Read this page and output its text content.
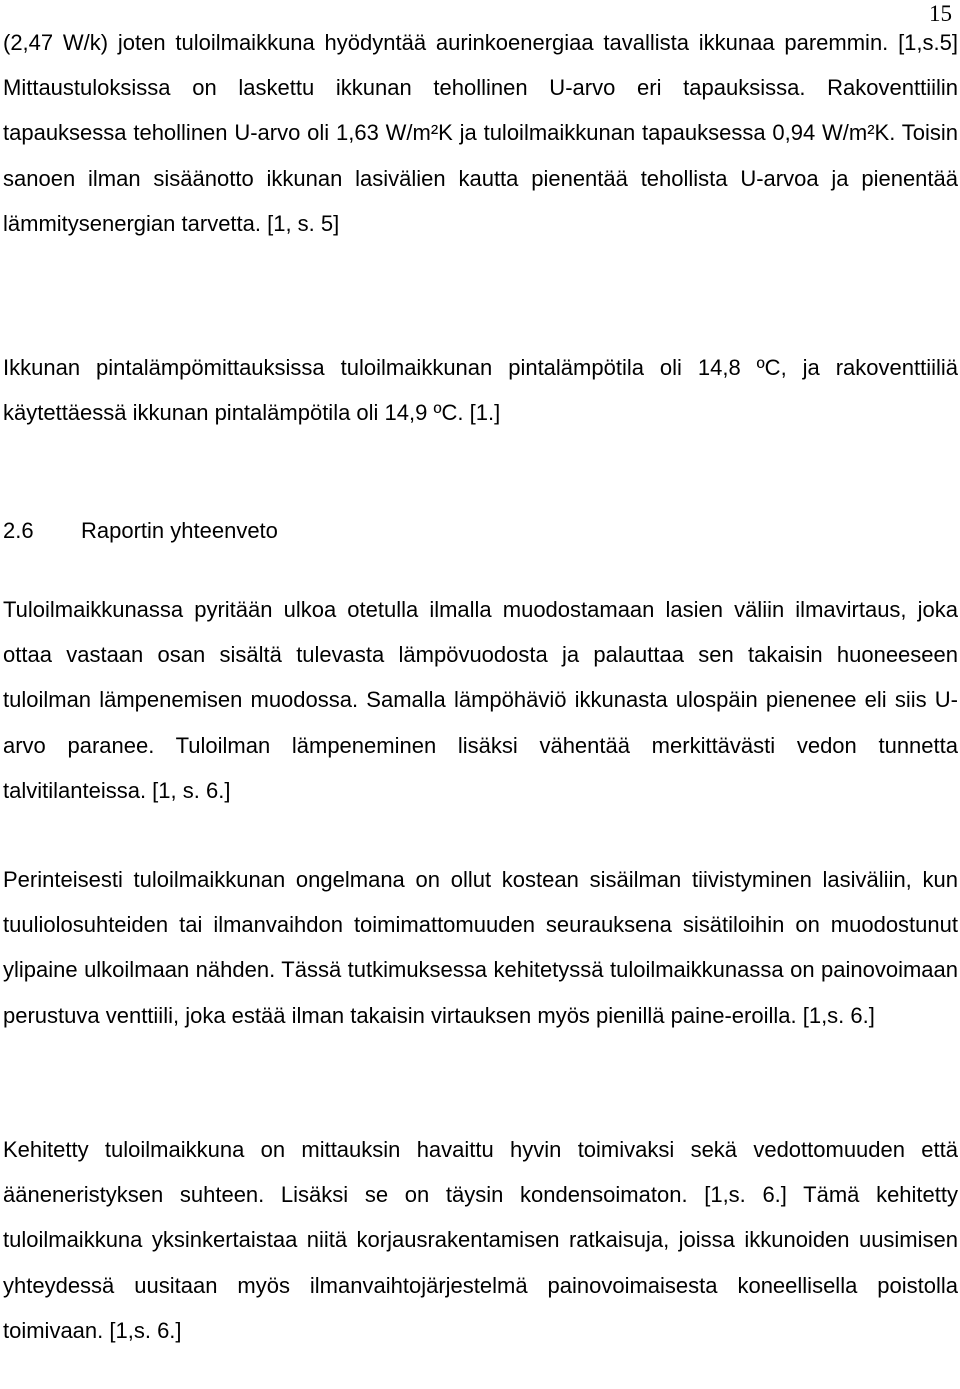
15

(2,47 W/k) joten tuloilmaikkuna hyödyntää aurinkoenergiaa tavallista ikkunaa paremmin. [1,s.5] Mittaustuloksissa on laskettu ikkunan tehollinen U-arvo eri tapauksissa. Rakoventtiilin tapauksessa tehollinen U-arvo oli 1,63 W/m²K ja tuloilmaikkunan tapauksessa 0,94 W/m²K. Toisin sanoen ilman sisäänotto ikkunan lasivälien kautta pienentää tehollista U-arvoa ja pienentää lämmitysenergian tarvetta. [1, s. 5]

Ikkunan pintalämpömittauksissa tuloilmaikkunan pintalämpötila oli 14,8 ºC, ja rakoventtiiliä käytettäessä ikkunan pintalämpötila oli 14,9 ºC. [1.]

2.6 Raportin yhteenveto

Tuloilmaikkunassa pyritään ulkoa otetulla ilmalla muodostamaan lasien väliin ilmavirtaus, joka ottaa vastaan osan sisältä tulevasta lämpövuodosta ja palauttaa sen takaisin huoneeseen tuloilman lämpenemisen muodossa. Samalla lämpöhäviö ikkunasta ulospäin pienenee eli siis U-arvo paranee. Tuloilman lämpeneminen lisäksi vähentää merkittävästi vedon tunnetta talvitilanteissa. [1, s. 6.]

Perinteisesti tuloilmaikkunan ongelmana on ollut kostean sisäilman tiivistyminen lasiväliin, kun tuuliolosuhteiden tai ilmanvaihdon toimimattomuuden seurauksena sisätiloihin on muodostunut ylipaine ulkoilmaan nähden. Tässä tutkimuksessa kehitetyssä tuloilmaikkunassa on painovoimaan perustuva venttiili, joka estää ilman takaisin virtauksen myös pienillä paine-eroilla. [1,s. 6.]

Kehitetty tuloilmaikkuna on mittauksin havaittu hyvin toimivaksi sekä vedottomuuden että ääneneristyksen suhteen. Lisäksi se on täysin kondensoimaton. [1,s. 6.] Tämä kehitetty tuloilmaikkuna yksinkertaistaa niitä korjausrakentamisen ratkaisuja, joissa ikkunoiden uusimisen yhteydessä uusitaan myös ilmanvaihtojärjestelmä painovoimaisesta koneellisella poistolla toimivaan. [1,s. 6.]
